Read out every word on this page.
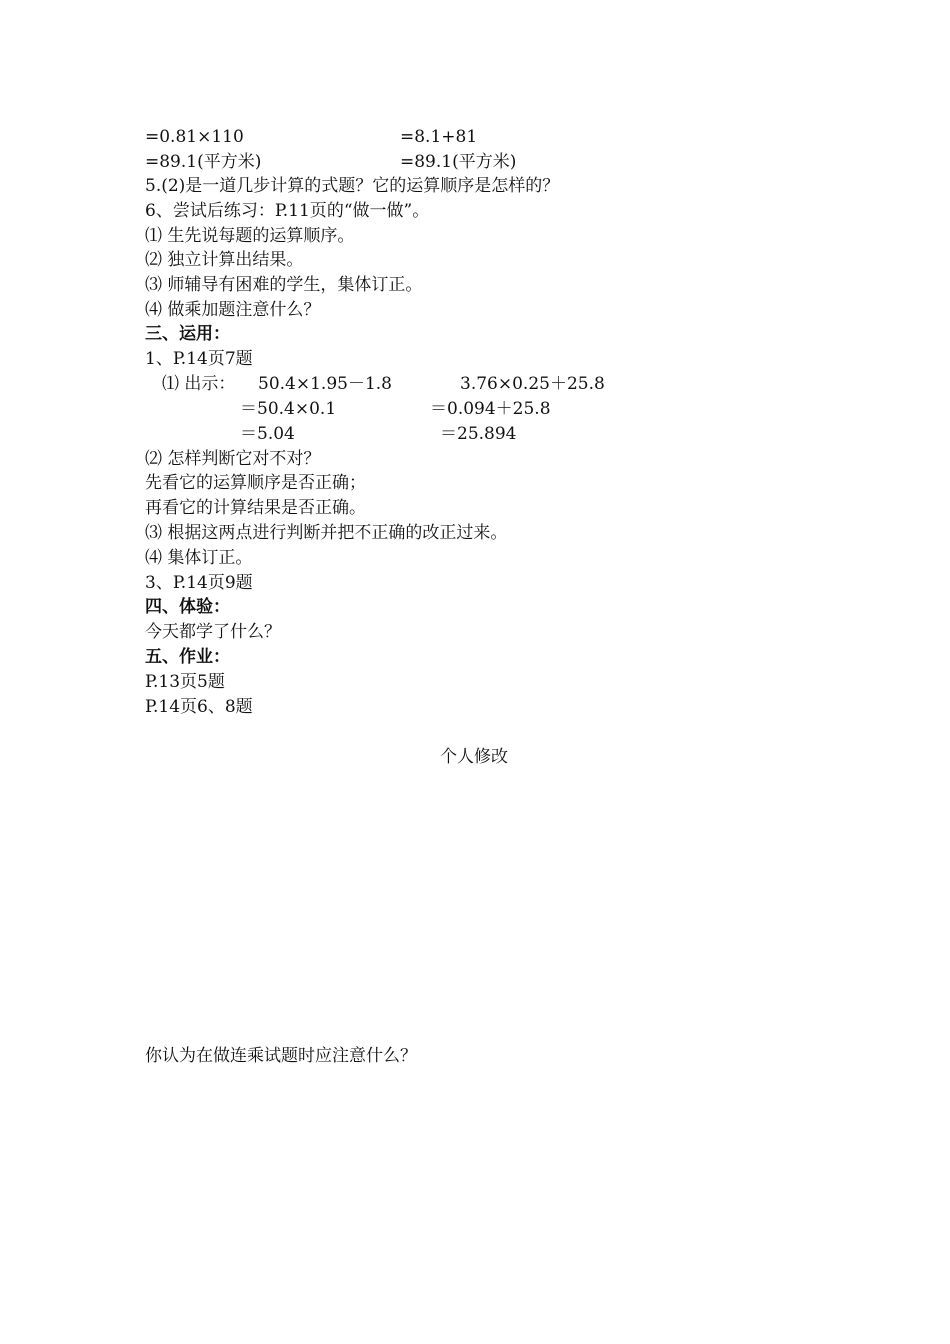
=0.81×110	=8.1+81
=89.1(平方米)	=89.1(平方米)
5.(2)是一道几步计算的式题？它的运算顺序是怎样的？
6、尝试后练习：P.11页的“做一做”。
⑴ 生先说每题的运算顺序。
⑵ 独立计算出结果。
⑶ 师辅导有困难的学生，集体订正。
⑷ 做乘加题注意什么？
三、运用：
1、P.14页7题
⑴ 出示： 50.4×1.95－1.8	3.76×0.25＋25.8
＝50.4×0.1	＝0.094＋25.8
＝5.04	＝25.894
⑵ 怎样判断它对不对？
先看它的运算顺序是否正确；
再看它的计算结果是否正确。
⑶ 根据这两点进行判断并把不正确的改正过来。
⑷ 集体订正。
3、P.14页9题
四、体验：
今天都学了什么？
五、作业：
P.13页5题
P.14页6、8题
个人修改
你认为在做连乘试题时应注意什么？
